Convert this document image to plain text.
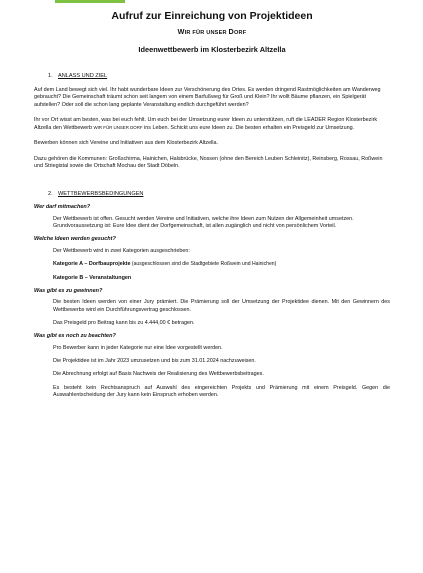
Aufruf zur Einreichung von Projektideen
WIR FÜR UNSER DORF
Ideenwettbewerb im Klosterbezirk Altzella
1. ANLASS UND ZIEL

Auf dem Land bewegt sich viel. Ihr habt wunderbare Ideen zur Verschönerung des Ortes. Es werden dringend Rastmöglichkeiten am Wanderweg gebraucht? Die Gemeinschaft träumt schon seit langem von einem Barfußweg für Groß und Klein? Ihr wollt Bäume pflanzen, ein Spielgerät aufstellen? Oder soll die schon lang geplante Veranstaltung endlich durchgeführt werden?

Ihr vor Ort wisst am besten, was bei euch fehlt. Um euch bei der Umsetzung eurer Ideen zu unterstützen, ruft die LEADER Region Klosterbezirk Altzella den Wettbewerb WIR FÜR UNSER DORF ins Leben. Schickt uns eure Ideen zu. Die besten erhalten ein Preisgeld zur Umsetzung.

Bewerben können sich Vereine und Initiativen aus dem Klosterbezirk Altzella.

Dazu gehören die Kommunen: Großschirma, Hainichen, Halsbrücke, Nossen (ohne den Bereich Leuben Schleinitz), Reinsberg, Rossau, Roßwein und Striegistal sowie die Ortschaft Mochau der Stadt Döbeln.

2. WETTBEWERBSBEDINGUNGEN
Wer darf mitmachen?

Der Wettbewerb ist offen. Gesucht werden Vereine und Initiativen, welche ihre Ideen zum Nutzen der Allgemeinheit umsetzen. Grundvoraussetzung ist: Eure Idee dient der Dorfgemeinschaft, ist allen zugänglich und nicht von persönlichem Vorteil.

Welche Ideen werden gesucht?

Der Wettbewerb wird in zwei Kategorien ausgeschrieben:

Kategorie A – Dorfbauprojekte (ausgeschlossen sind die Stadtgebiete Roßwein und Hainichen)

Kategorie B – Veranstaltungen

Was gibt es zu gewinnen?

Die besten Ideen werden von einer Jury prämiert. Die Prämierung soll der Umsetzung der Projektidee dienen. Mit den Gewinnern des Wettbewerbs wird ein Durchführungsvertrag geschlossen.

Das Preisgeld pro Beitrag kann bis zu 4.444,00 € betragen.

Was gibt es noch zu beachten?

Pro Bewerber kann in jeder Kategorie nur eine Idee vorgestellt werden.

Die Projektidee ist im Jahr 2023 umzusetzen und bis zum 31.01.2024 nachzuweisen.

Die Abrechnung erfolgt auf Basis Nachweis der Realisierung des Wettbewerbsbeitrages.

Es besteht kein Rechtsanspruch auf Auswahl des eingereichten Projekts und Prämierung mit einem Preisgeld. Gegen die Auswahlentscheidung der Jury kann kein Einspruch erhoben werden.
